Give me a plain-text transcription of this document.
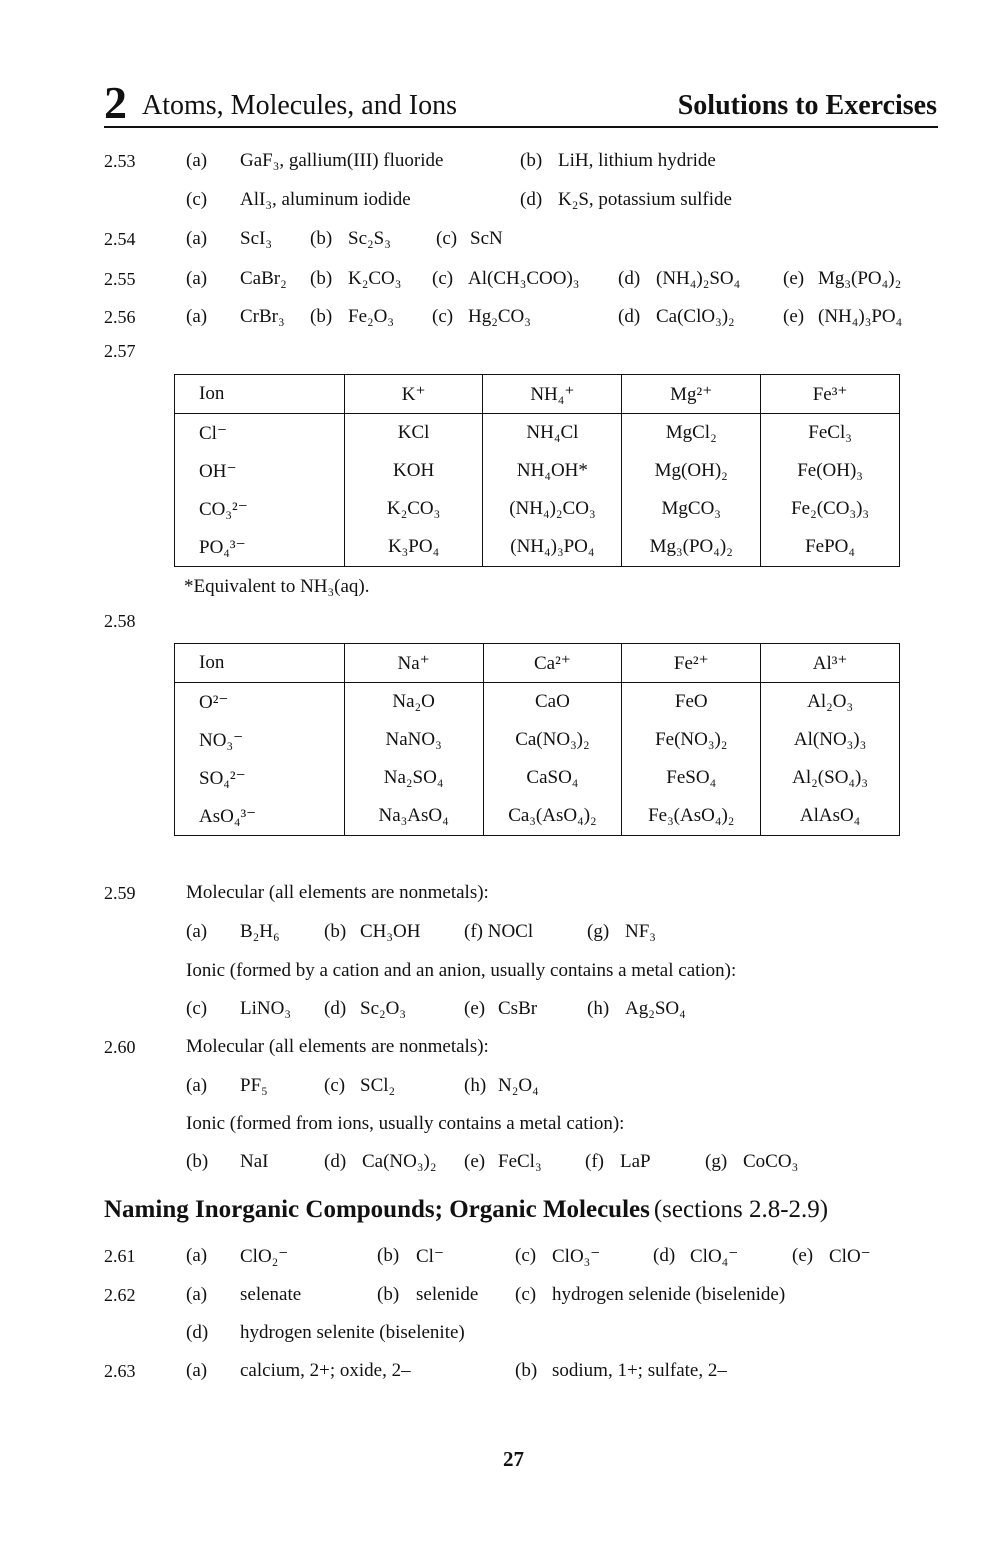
2 Atoms, Molecules, and Ions	Solutions to Exercises
2.53	(a) GaF₃, gallium(III) fluoride	(b) LiH, lithium hydride
(c) AlI₃, aluminum iodide	(d) K₂S, potassium sulfide
2.54	(a) ScI₃ (b) Sc₂S₃ (c) ScN
2.55	(a) CaBr₂ (b) K₂CO₃ (c) Al(CH₃COO)₃ (d) (NH₄)₂SO₄ (e) Mg₃(PO₄)₂
2.56	(a) CrBr₃ (b) Fe₂O₃ (c) Hg₂CO₃	(d) Ca(ClO₃)₂	(e) (NH₄)₃PO₄
2.57
Ion	K⁺	NH₄⁺	Mg²⁺	Fe³⁺
Cl⁻	KCl	NH₄Cl	MgCl₂	FeCl₃
OH⁻	KOH	NH₄OH*	Mg(OH)₂	Fe(OH)₃
CO₃²⁻	K₂CO₃	(NH₄)₂CO₃	MgCO₃	Fe₂(CO₃)₃
PO₄³⁻	K₃PO₄	(NH₄)₃PO₄	Mg₃(PO₄)₂	FePO₄
*Equivalent to NH₃(aq).
2.58
Ion	Na⁺	Ca²⁺	Fe²⁺	Al³⁺
O²⁻	Na₂O	CaO	FeO	Al₂O₃
NO₃⁻	NaNO₃	Ca(NO₃)₂	Fe(NO₃)₂	Al(NO₃)₃
SO₄²⁻	Na₂SO₄	CaSO₄	FeSO₄	Al₂(SO₄)₃
AsO₄³⁻	Na₃AsO₄	Ca₃(AsO₄)₂	Fe₃(AsO₄)₂	AlAsO₄
2.59	Molecular (all elements are nonmetals):
(a) B₂H₆ (b) CH₃OH (f) NOCl	(g) NF₃
Ionic (formed by a cation and an anion, usually contains a metal cation):
(c) LiNO₃ (d) Sc₂O₃	(e) CsBr	(h) Ag₂SO₄
2.60	Molecular (all elements are nonmetals):
(a) PF₅	(c) SCl₂	(h) N₂O₄
Ionic (formed from ions, usually contains a metal cation):
(b) NaI	(d) Ca(NO₃)₂ (e) FeCl₃ (f) LaP	(g) CoCO₃
Naming Inorganic Compounds; Organic Molecules (sections 2.8-2.9)
2.61	(a) ClO₂⁻	(b) Cl⁻	(c) ClO₃⁻	(d) ClO₄⁻	(e) ClO⁻
2.62	(a) selenate	(b) selenide (c) hydrogen selenide (biselenide)
(d) hydrogen selenite (biselenite)
2.63	(a) calcium, 2+; oxide, 2–	(b) sodium, 1+; sulfate, 2–
27
